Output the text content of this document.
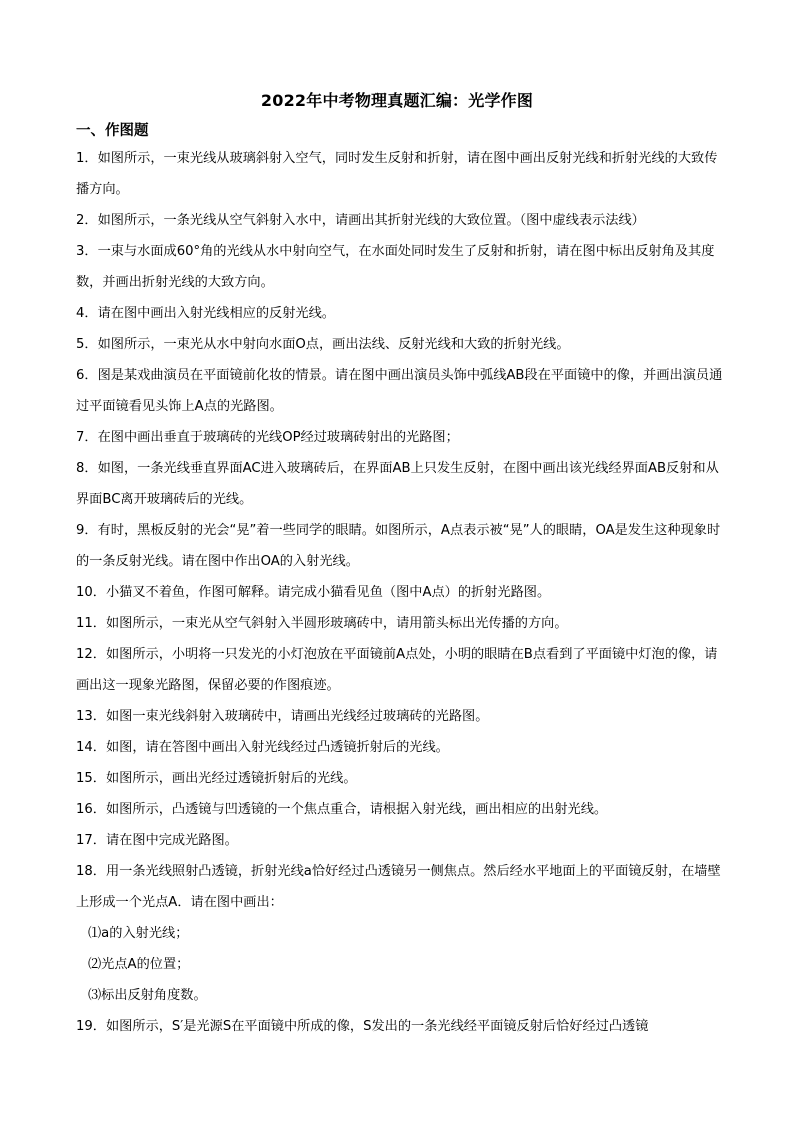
2022年中考物理真题汇编：光学作图
一、作图题

1．如图所示，一束光线从玻璃斜射入空气，同时发生反射和折射，请在图中画出反射光线和折射光线的大致传播方向。

2．如图所示，一条光线从空气斜射入水中，请画出其折射光线的大致位置。（图中虚线表示法线）

3．一束与水面成60°角的光线从水中射向空气，在水面处同时发生了反射和折射，请在图中标出反射角及其度数，并画出折射光线的大致方向。

4．请在图中画出入射光线相应的反射光线。

5．如图所示，一束光从水中射向水面O点，画出法线、反射光线和大致的折射光线。

6．图是某戏曲演员在平面镜前化妆的情景。请在图中画出演员头饰中弧线AB段在平面镜中的像，并画出演员通过平面镜看见头饰上A点的光路图。

7．在图中画出垂直于玻璃砖的光线OP经过玻璃砖射出的光路图；

8．如图，一条光线垂直界面AC进入玻璃砖后，在界面AB上只发生反射，在图中画出该光线经界面AB反射和从界面BC离开玻璃砖后的光线。

9．有时，黑板反射的光会“晃”着一些同学的眼睛。如图所示，A点表示被“晃”人的眼睛，OA是发生这种现象时的一条反射光线。请在图中作出OA的入射光线。

10．小猫叉不着鱼，作图可解释。请完成小猫看见鱼（图中A点）的折射光路图。

11．如图所示，一束光从空气斜射入半圆形玻璃砖中，请用箭头标出光传播的方向。

12．如图所示，小明将一只发光的小灯泡放在平面镜前A点处，小明的眼睛在B点看到了平面镜中灯泡的像，请画出这一现象光路图，保留必要的作图痕迹。

13．如图一束光线斜射入玻璃砖中，请画出光线经过玻璃砖的光路图。

14．如图，请在答图中画出入射光线经过凸透镜折射后的光线。

15．如图所示，画出光经过透镜折射后的光线。

16．如图所示，凸透镜与凹透镜的一个焦点重合，请根据入射光线，画出相应的出射光线。

17．请在图中完成光路图。

18．用一条光线照射凸透镜，折射光线a恰好经过凸透镜另一侧焦点。然后经水平地面上的平面镜反射，在墙壁上形成一个光点A．请在图中画出：

⑴a的入射光线；

⑵光点A的位置；

⑶标出反射角度数。

19．如图所示，S′是光源S在平面镜中所成的像，S发出的一条光线经平面镜反射后恰好经过凸透镜
